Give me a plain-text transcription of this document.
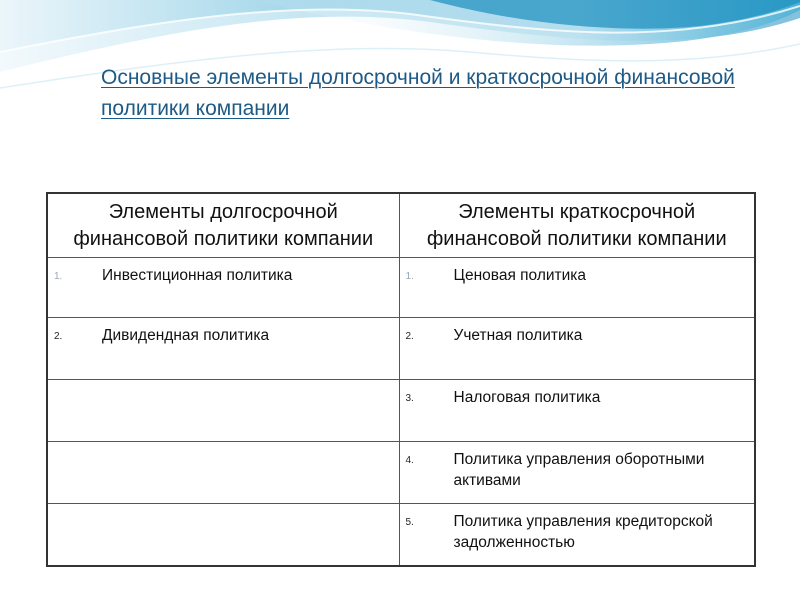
Основные элементы долгосрочной и краткосрочной финансовой политики компании
Элементы долгосрочной финансовой политики компании	Элементы краткосрочной финансовой политики компании

1. Инвестиционная политика	1. Ценовая политика

2. Дивидендная политика	2. Учетная политика

	3. Налоговая политика

	4. Политика управления оборотными активами

	5. Политика управления кредиторской задолженностью
